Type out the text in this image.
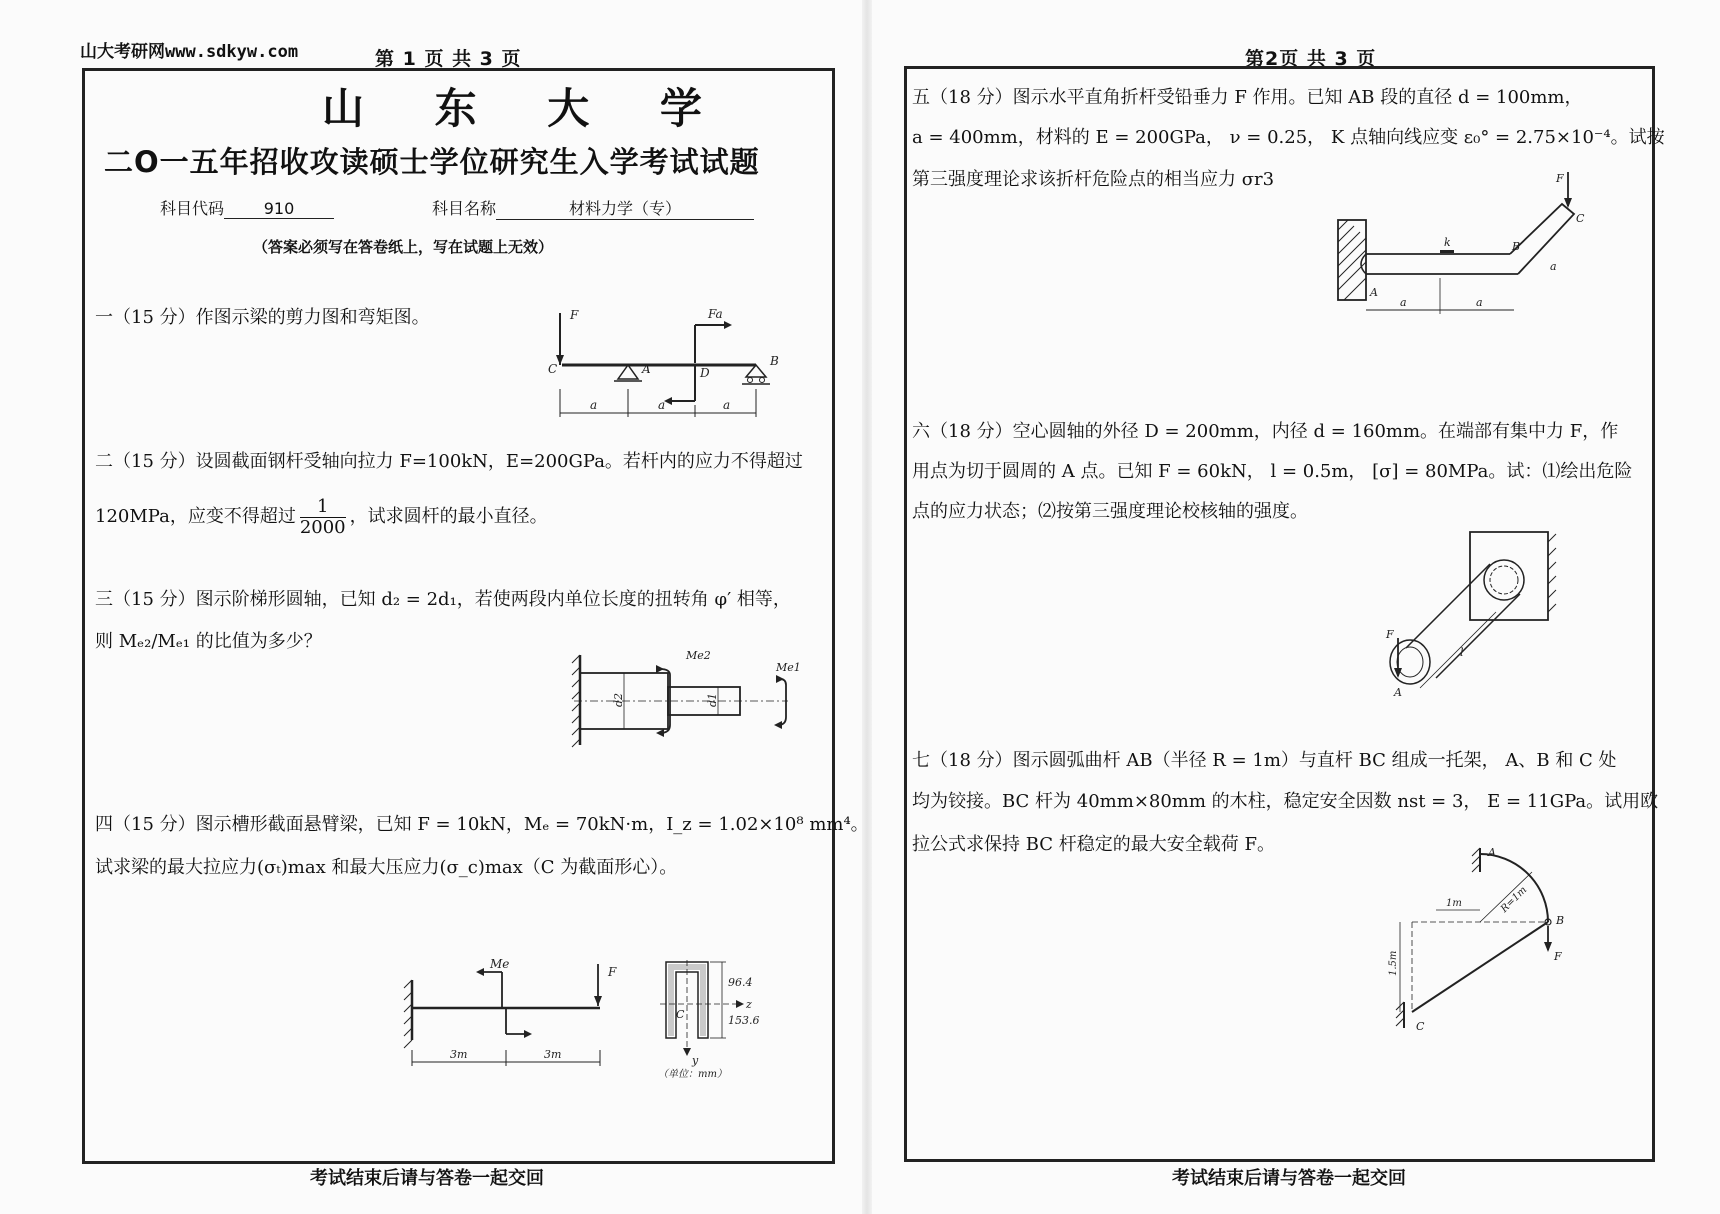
山大考研网www.sdkyw.com	第 1 页 共 3 页
山 东 大 学
二O一五年招收攻读硕士学位研究生入学考试试题
科目代码 910	科目名称	材料力学（专）
（答案必须写在答卷纸上，写在试题上无效）
一（15 分）作图示梁的剪力图和弯矩图。	F	Fa
C	A	D
B
a	a	a
二（15 分）设圆截面钢杆受轴向拉力 F=100kN，E=200GPa。若杆内的应力不得超过
120MPa，应变不得超过 $\frac{1}{2000}$ ，试求圆杆的最小直径。
三（15 分）图示阶梯形圆轴，已知 d₂ = 2d₁，若使两段内单位长度的扭转角 φ′ 相等，
则 Mₑ₂/Mₑ₁ 的比值为多少？
Me2
Me1
d2	d1
四（15 分）图示槽形截面悬臂梁，已知 F = 10kN，Mₑ = 70kN·m，I_z = 1.02×10⁸ mm⁴。
试求梁的最大拉应力(σₜ)max 和最大压应力(σ_c)max（C 为截面形心）。
Me
F
3m	3m
C
z
y
96.4
153.6
（单位：mm）
考试结束后请与答卷一起交回
第2页 共 3 页
五（18 分）图示水平直角折杆受铅垂力 F 作用。已知 AB 段的直径 d = 100mm，
a = 400mm，材料的 E = 200GPa， ν = 0.25， K 点轴向线应变 ε₀° = 2.75×10⁻⁴。试按
第三强度理论求该折杆危险点的相当应力 σr3
k	B
C
A
F
a	a
a
六（18 分）空心圆轴的外径 D = 200mm，内径 d = 160mm。在端部有集中力 F，作
用点为切于圆周的 A 点。已知 F = 60kN， l = 0.5m， [σ] = 80MPa。试：⑴绘出危险
点的应力状态；⑵按第三强度理论校核轴的强度。
F
A
l
七（18 分）图示圆弧曲杆 AB（半径 R = 1m）与直杆 BC 组成一托架， A、B 和 C 处
均为铰接。BC 杆为 40mm×80mm 的木柱，稳定安全因数 nst = 3， E = 11GPa。试用欧
拉公式求保持 BC 杆稳定的最大安全载荷 F。	A
R=1m
B
F
C
1m
1.5m
考试结束后请与答卷一起交回
